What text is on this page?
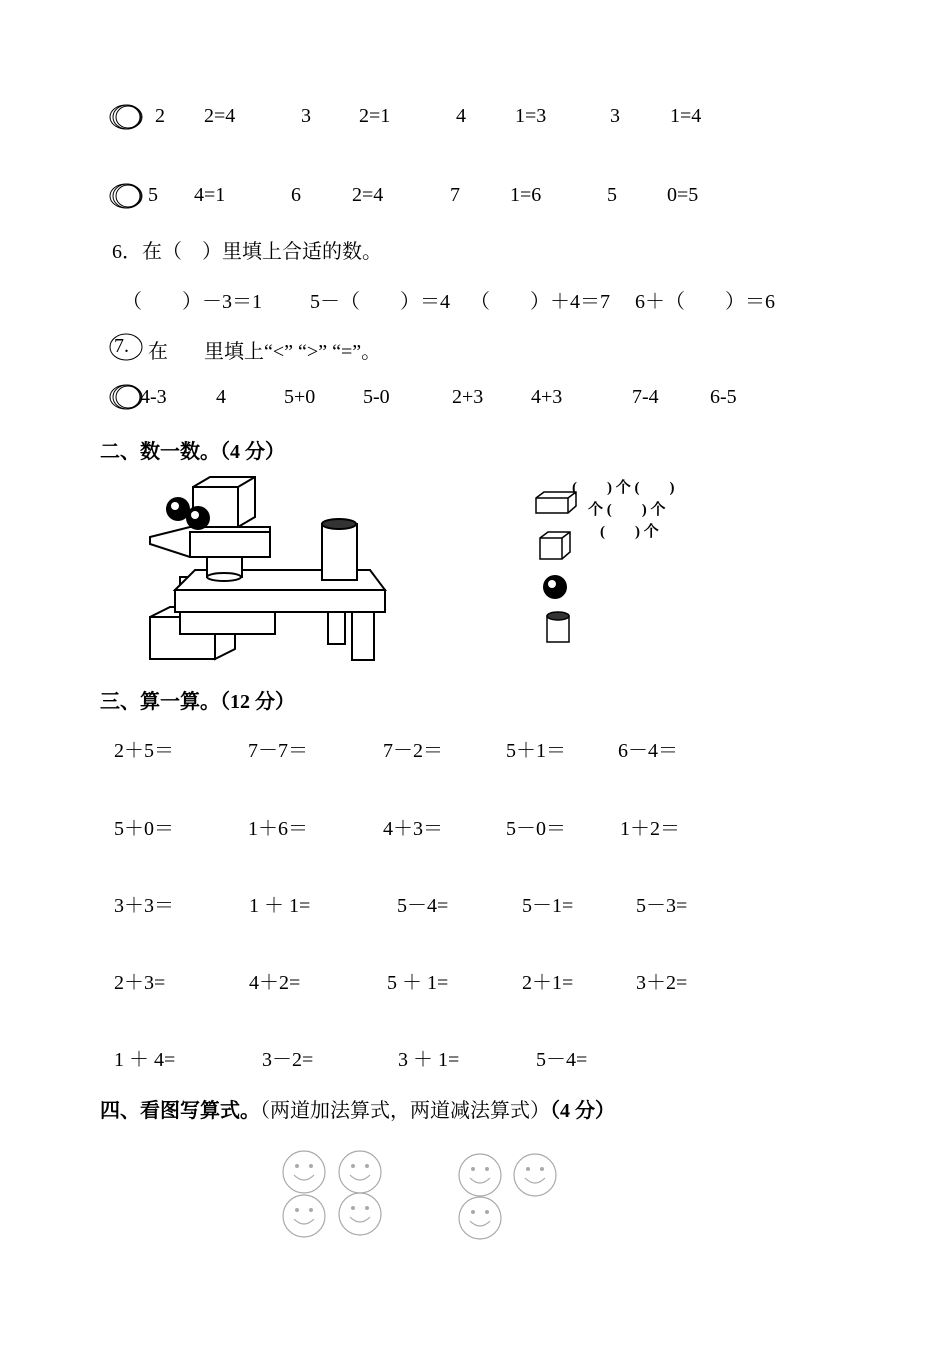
2 2=4	3 2=1	4 1=3	3	1=4
5 4=1	6	2=4	7	1=6	5	0=5
6．在（　）里填上合适的数。
（　　）－3＝1 5－（　　）＝4 （　　）＋4＝7 6＋（　　）＝6
7. 在 里填上“<” “>” “=”。
4-3 4	5+0 5-0	2+3 4+3	7-4	6-5
二、数一数。（4 分）
(　　) 个 (　　)
个 (　　) 个
(　　) 个
三、算一算。（12 分）
2＋5＝	7－7＝	7－2＝	5＋1＝	6－4＝
5＋0＝	1＋6＝	4＋3＝	5－0＝	1＋2＝
3＋3＝	1 ＋ 1=	5－4=	5－1=	5－3=
2＋3=	4＋2=	5 ＋ 1=	2＋1=	3＋2=
1 ＋ 4=	3－2=	3 ＋ 1=	5－4=
四、看图写算式。（两道加法算式，两道减法算式）（4 分）
